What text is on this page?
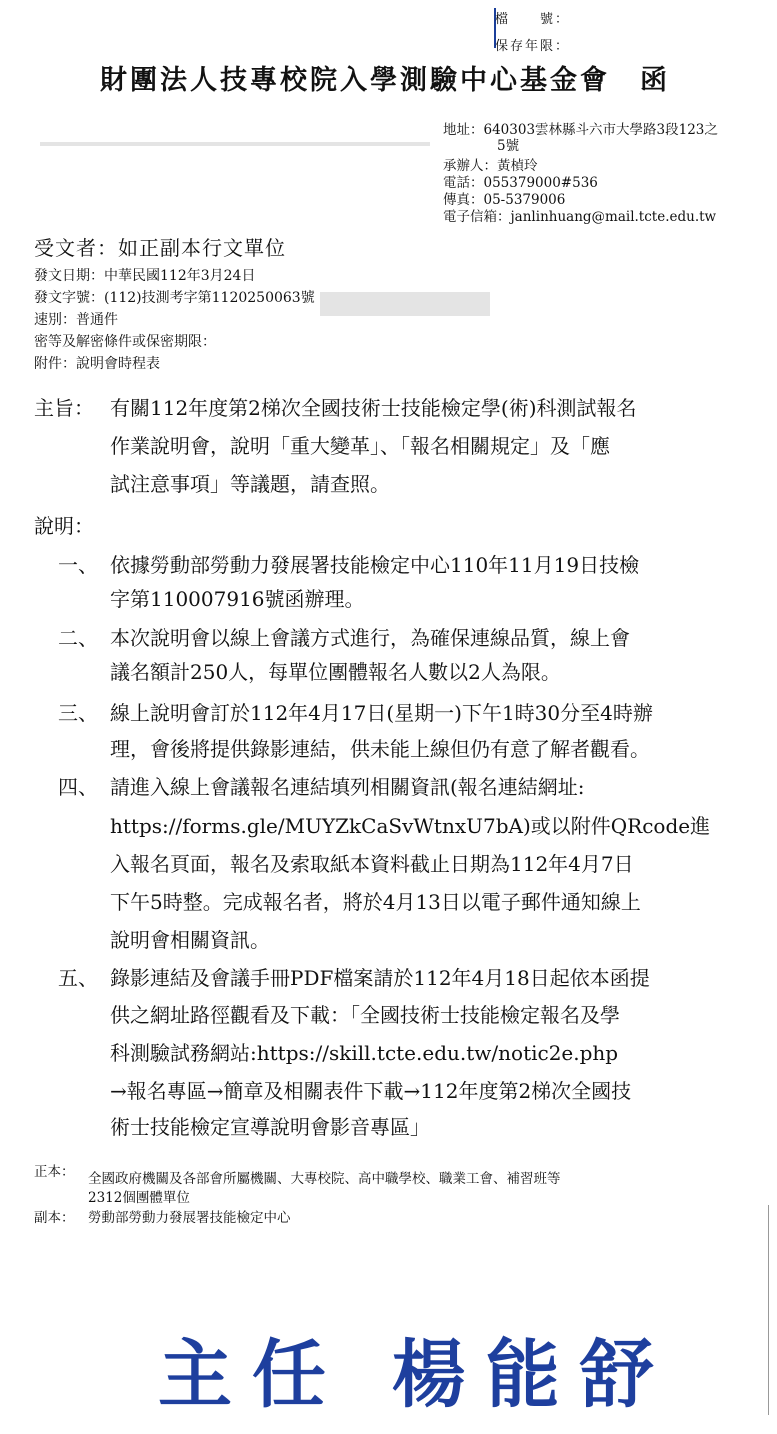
檔　　號：
保存年限：
財團法人技專校院入學測驗中心基金會　函
地址：640303雲林縣斗六市大學路3段123之
5號
承辦人：黃楨玲
電話：055379000#536
傳真：05-5379006
電子信箱：janlinhuang@mail.tcte.edu.tw
受文者：如正副本行文單位
發文日期：中華民國112年3月24日
發文字號：(112)技測考字第1120250063號
速別：普通件
密等及解密條件或保密期限：
附件：說明會時程表
主旨： 有關112年度第2梯次全國技術士技能檢定學(術)科測試報名
作業說明會，說明「重大變革」、「報名相關規定」及「應
試注意事項」等議題，請查照。
說明：
一、 依據勞動部勞動力發展署技能檢定中心110年11月19日技檢
字第110007916號函辦理。
二、 本次說明會以線上會議方式進行，為確保連線品質，線上會
議名額計250人，每單位團體報名人數以2人為限。
三、 線上說明會訂於112年4月17日(星期一)下午1時30分至4時辦
理，會後將提供錄影連結，供未能上線但仍有意了解者觀看。
四、 請進入線上會議報名連結填列相關資訊(報名連結網址:
https://forms.gle/MUYZkCaSvWtnxU7bA)或以附件QRcode進
入報名頁面，報名及索取紙本資料截止日期為112年4月7日
下午5時整。完成報名者，將於4月13日以電子郵件通知線上
說明會相關資訊。
五、 錄影連結及會議手冊PDF檔案請於112年4月18日起依本函提
供之網址路徑觀看及下載：「全國技術士技能檢定報名及學
科測驗試務網站:https://skill.tcte.edu.tw/notic2e.php
→報名專區→簡章及相關表件下載→112年度第2梯次全國技
術士技能檢定宣導說明會影音專區」
正本： 全國政府機關及各部會所屬機關、大專校院、高中職學校、職業工會、補習班等
2312個團體單位
副本： 勞動部勞動力發展署技能檢定中心
主任 楊能舒
